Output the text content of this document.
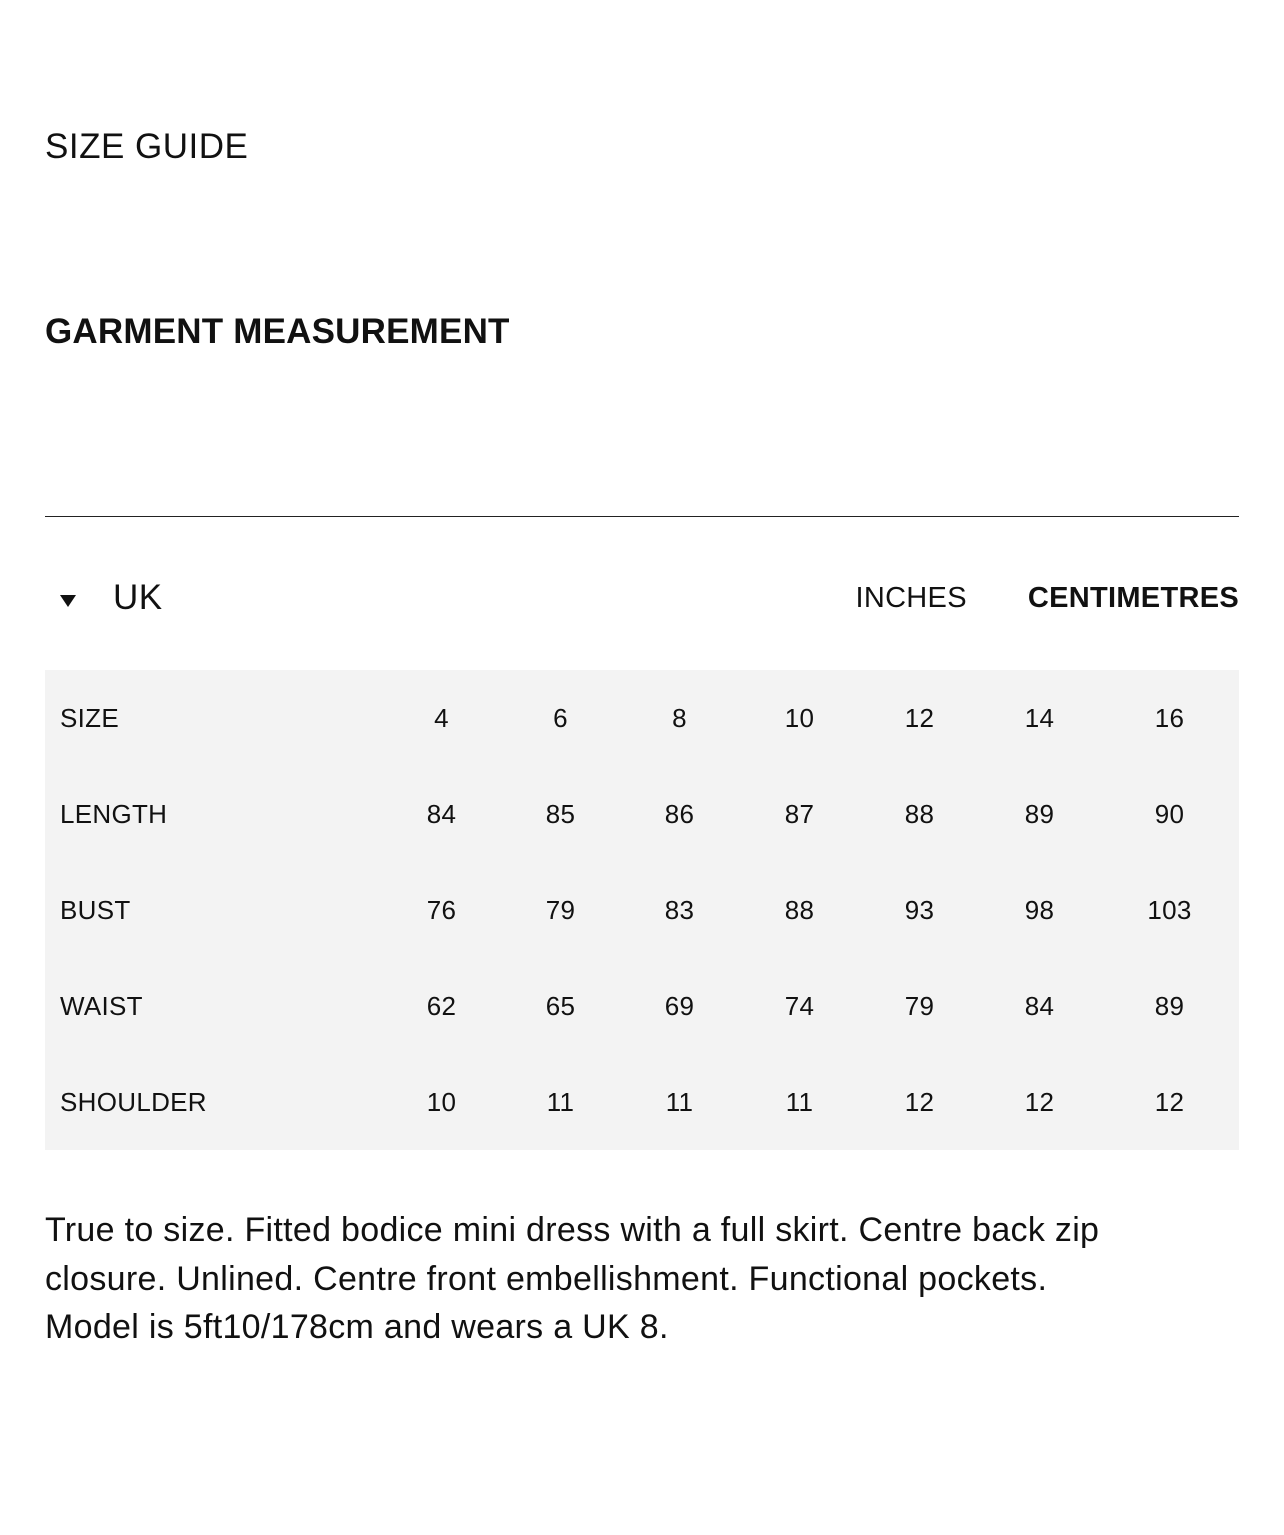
SIZE GUIDE
GARMENT MEASUREMENT
UK	INCHES CENTIMETRES
SIZE	4	6	8	10	12	14	16
LENGTH	84	85	86	87	88	89	90
BUST	76	79	83	88	93	98	103
WAIST	62	65	69	74	79	84	89
SHOULDER	10	11	11	11	12	12	12

True to size. Fitted bodice mini dress with a full skirt. Centre back zip closure. Unlined. Centre front embellishment. Functional pockets. Model is 5ft10/178cm and wears a UK 8.
